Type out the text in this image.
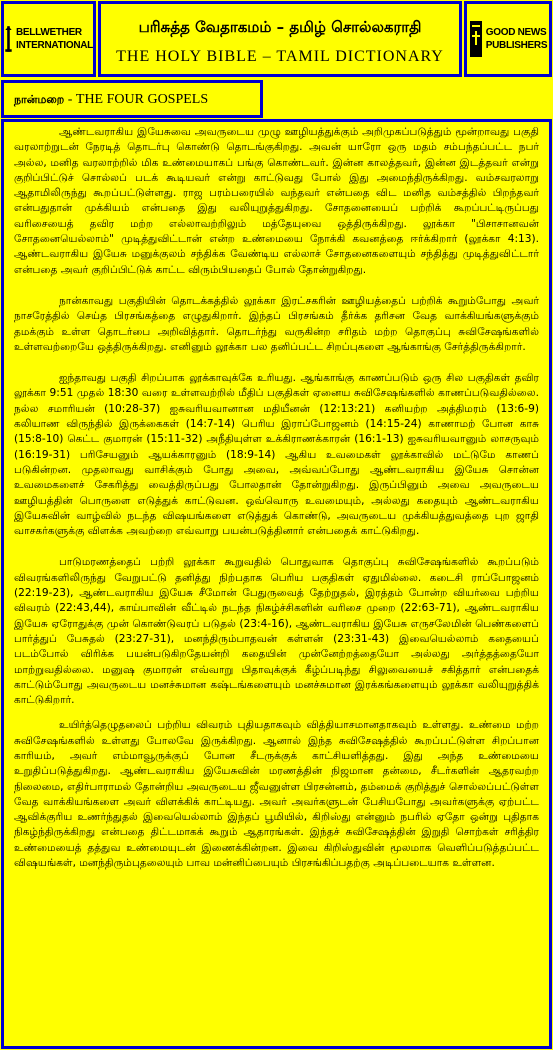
BELLWETHER
INTERNATIONAL
பரிசுத்த வேதாகமம் – தமிழ் சொல்லகராதி
THE HOLY BIBLE – TAMIL DICTIONARY
GOOD NEWS
PUBLISHERS
நான்மறை - THE FOUR GOSPELS

ஆண்டவராகிய இயேசுவை அவருடைய முழு ஊழியத்துக்கும் அறிமுகப்படுத்தும் மூன்றாவது பகுதி வரலாற்றுடன் நேரடித் தொடர்பு கொண்டு தொடங்குகிறது. அவன் யாரோ ஒரு மதம் சம்பந்தப்பட்ட நபர் அல்ல, மனித வரலாற்றில் மிக உண்மையாகப் பங்கு கொண்டவர். இன்ன காலத்தவர், இன்ன இடத்தவர் என்று குறிப்பிட்டுச் சொல்லப் படக் கூடியவர் என்று காட்டுவது போல் இது அமைந்திருக்கிறது. வம்சவரலாறு ஆதாமிலிருந்து கூறப்பட்டுள்ளது. ராஜ பரம்பரையில் வந்தவர் என்பதை விட மனித வம்சத்தில் பிறந்தவர் என்பதுதான் முக்கியம் என்பதை இது வலியுறுத்துகிறது. சோதனையைப் பற்றிக் கூறப்பட்டிருப்பது வரிசையைத் தவிர மற்ற எல்லாவற்றிலும் மத்தேயுவை ஒத்திருக்கிறது. லூக்கா "பிசாசானவன் சோதனையெல்லாம்" முடித்துவிட்டான் என்ற உண்மையை நோக்கி கவனத்தை ஈர்க்கிறார் (லூக்கா 4:13). ஆண்டவராகிய இயேசு மனுக்குலம் சந்திக்க வேண்டிய எல்லாச் சோதனைகளையும் சந்தித்து முடித்துவிட்டார் என்பதை அவர் குறிப்பிட்டுக் காட்ட விரும்பியதைப் போல் தோன்றுகிறது.

நான்காவது பகுதியின் தொடக்கத்தில் லூக்கா இரட்சகரின் ஊழியத்தைப் பற்றிக் கூறும்போது அவர் நாசரேத்தில் செய்த பிரசங்கத்தை எழுதுகிறார். இந்தப் பிரசங்கம் தீர்க்க தரிசன வேத வாக்கியங்களுக்கும் தமக்கும் உள்ள தொடர்பை அறிவித்தார். தொடர்ந்து வருகின்ற சரிதம் மற்ற தொகுப்பு சுவிசேஷங்களில் உள்ளவற்றையே ஒத்திருக்கிறது. எனினும் லூக்கா பல தனிப்பட்ட சிறப்புகளை ஆங்காங்கு சேர்த்திருக்கிறார்.

ஐந்தாவது பகுதி சிறப்பாக லூக்காவுக்கே உரியது. ஆங்காங்கு காணப்படும் ஒரு சில பகுதிகள் தவிர லூக்கா 9:51 முதல் 18:30 வரை உள்ளவற்றில் மீதிப் பகுதிகள் ஏனைய சுவிசேஷங்களில் காணப்படுவதில்லை. நல்ல சமாரியன் (10:28-37) ஐசுவரியவானான மதியீனன் (12:13:21) கனியற்ற அத்திமரம் (13:6-9) கலியாண விருந்தில் இருக்கைகள் (14:7-14) பெரிய இராப்போஜனம் (14:15-24) காணாமற் போன காசு (15:8-10) கெட்ட குமாரன் (15:11-32) அநீதியுள்ள உக்கிராணக்காரன் (16:1-13) ஐசுவரியவானும் லாசருவும் (16:19-31) பரிசேயனும் ஆயக்காரனும் (18:9-14) ஆகிய உவமைகள் லூக்காவில் மட்டுமே காணப் படுகின்றன. முதலாவது வாசிக்கும் போது அவை, அவ்வப்போது ஆண்டவராகிய இயேசு சொன்ன உவமைகளைச் சேகரித்து வைத்திருப்பது போலதான் தோன்றுகிறது. இருப்பினும் அவை அவருடைய ஊழியத்தின் பொருளை எடுத்துக் காட்டுவன. ஒவ்வொரு உவமையும், அல்லது கதையும் ஆண்டவராகிய இயேசுவின் வாழ்வில் நடந்த விஷயங்களை எடுத்துக் கொண்டு, அவருடைய முக்கியத்துவத்தை புற ஜாதி வாசகர்களுக்கு விளக்க அவற்றை எவ்வாறு பயன்படுத்தினார் என்பதைக் காட்டுகிறது.

பாடுமரணத்தைப் பற்றி லூக்கா கூறுவதில் பொதுவாக தொகுப்பு சுவிசேஷங்களில் கூறப்படும் விவரங்களிலிருந்து வேறுபட்டு தனித்து நிற்பதாக பெரிய பகுதிகள் ஏதுமில்லை. கடைசி ராப்போஜனம் (22:19-23), ஆண்டவராகிய இயேசு சீமோன் பேதுருவைத் தேற்றுதல், இரத்தம் போன்ற வியர்வை பற்றிய விவரம் (22:43,44), காய்பாவின் வீட்டில் நடந்த நிகழ்ச்சிகளின் வரிசை முறை (22:63-71), ஆண்டவராகிய இயேசு ஏரோதுக்கு முன் கொண்டுவரப் படுதல் (23:4-16), ஆண்டவராகிய இயேசு எருசலேமின் பெண்களைப் பார்த்துப் பேசுதல் (23:27-31), மனந்திரும்பாதவன் கள்ளன் (23:31-43) இவையெல்லாம் கதையைப் படம்போல் விரிக்க பயன்படுகிறதேயன்றி கதையின் முன்னேற்றத்தையோ அல்லது அர்த்தத்தையோ மாற்றுவதில்லை. மனுஷ குமாரன் எவ்வாறு பிதாவுக்குக் கீழ்ப்படிந்து சிலுவையைச் சகித்தார் என்பதைக் காட்டும்போது அவருடைய மனச்சுமான கஷ்டங்களையும் மனச்சுமான இரக்கங்களையும் லூக்கா வலியுறுத்திக் காட்டுகிறார்.

உயிர்த்தெழுதலைப் பற்றிய விவரம் புதியதாகவும் வித்தியாசமானதாகவும் உள்ளது. உண்மை மற்ற சுவிசேஷங்களில் உள்ளது போலவே இருக்கிறது. ஆனால் இந்த சுவிசேஷத்தில் கூறப்பட்டுள்ள சிறப்பான காரியம், அவர் எம்மாவூருக்குப் போன சீடருக்குக் காட்சியளித்தது. இது அந்த உண்மையை உறுதிப்படுத்துகிறது. ஆண்டவராகிய இயேசுவின் மரணத்தின் நிஜமான தன்மை, சீடர்களின் ஆதரவற்ற நிலைமை, எதிர்பாராமல் தோன்றிய அவருடைய ஜீவனுள்ள பிரசன்னம், தம்மைக் குறித்துச் சொல்லப்பட்டுள்ள வேத வாக்கியங்களை அவர் விளக்கிக் காட்டியது. அவர் அவர்களுடன் பேசியபோது அவர்களுக்கு ஏற்பட்ட ஆவிக்குரிய உணர்ந்துதல் இவையெல்லாம் இந்தப் பூமியில், கிறிஸ்து என்னும் நபரில் ஏதோ ஒன்று புதிதாக நிகழ்ந்திருக்கிறது என்பதை திட்டமாகக் கூறும் ஆதாரங்கள். இந்தச் சுவிசேஷத்தின் இறுதி சொற்கள் சரித்திர உண்மையைத் தத்துவ உண்மையுடன் இணைக்கின்றன. இவை கிறிஸ்துவின் மூலமாக வெளிப்படுத்தப்பட்ட விஷயங்கள், மனந்திரும்புதலையும் பாவ மன்னிப்பையும் பிரசங்கிப்பதற்கு அடிப்படையாக உள்ளன.
